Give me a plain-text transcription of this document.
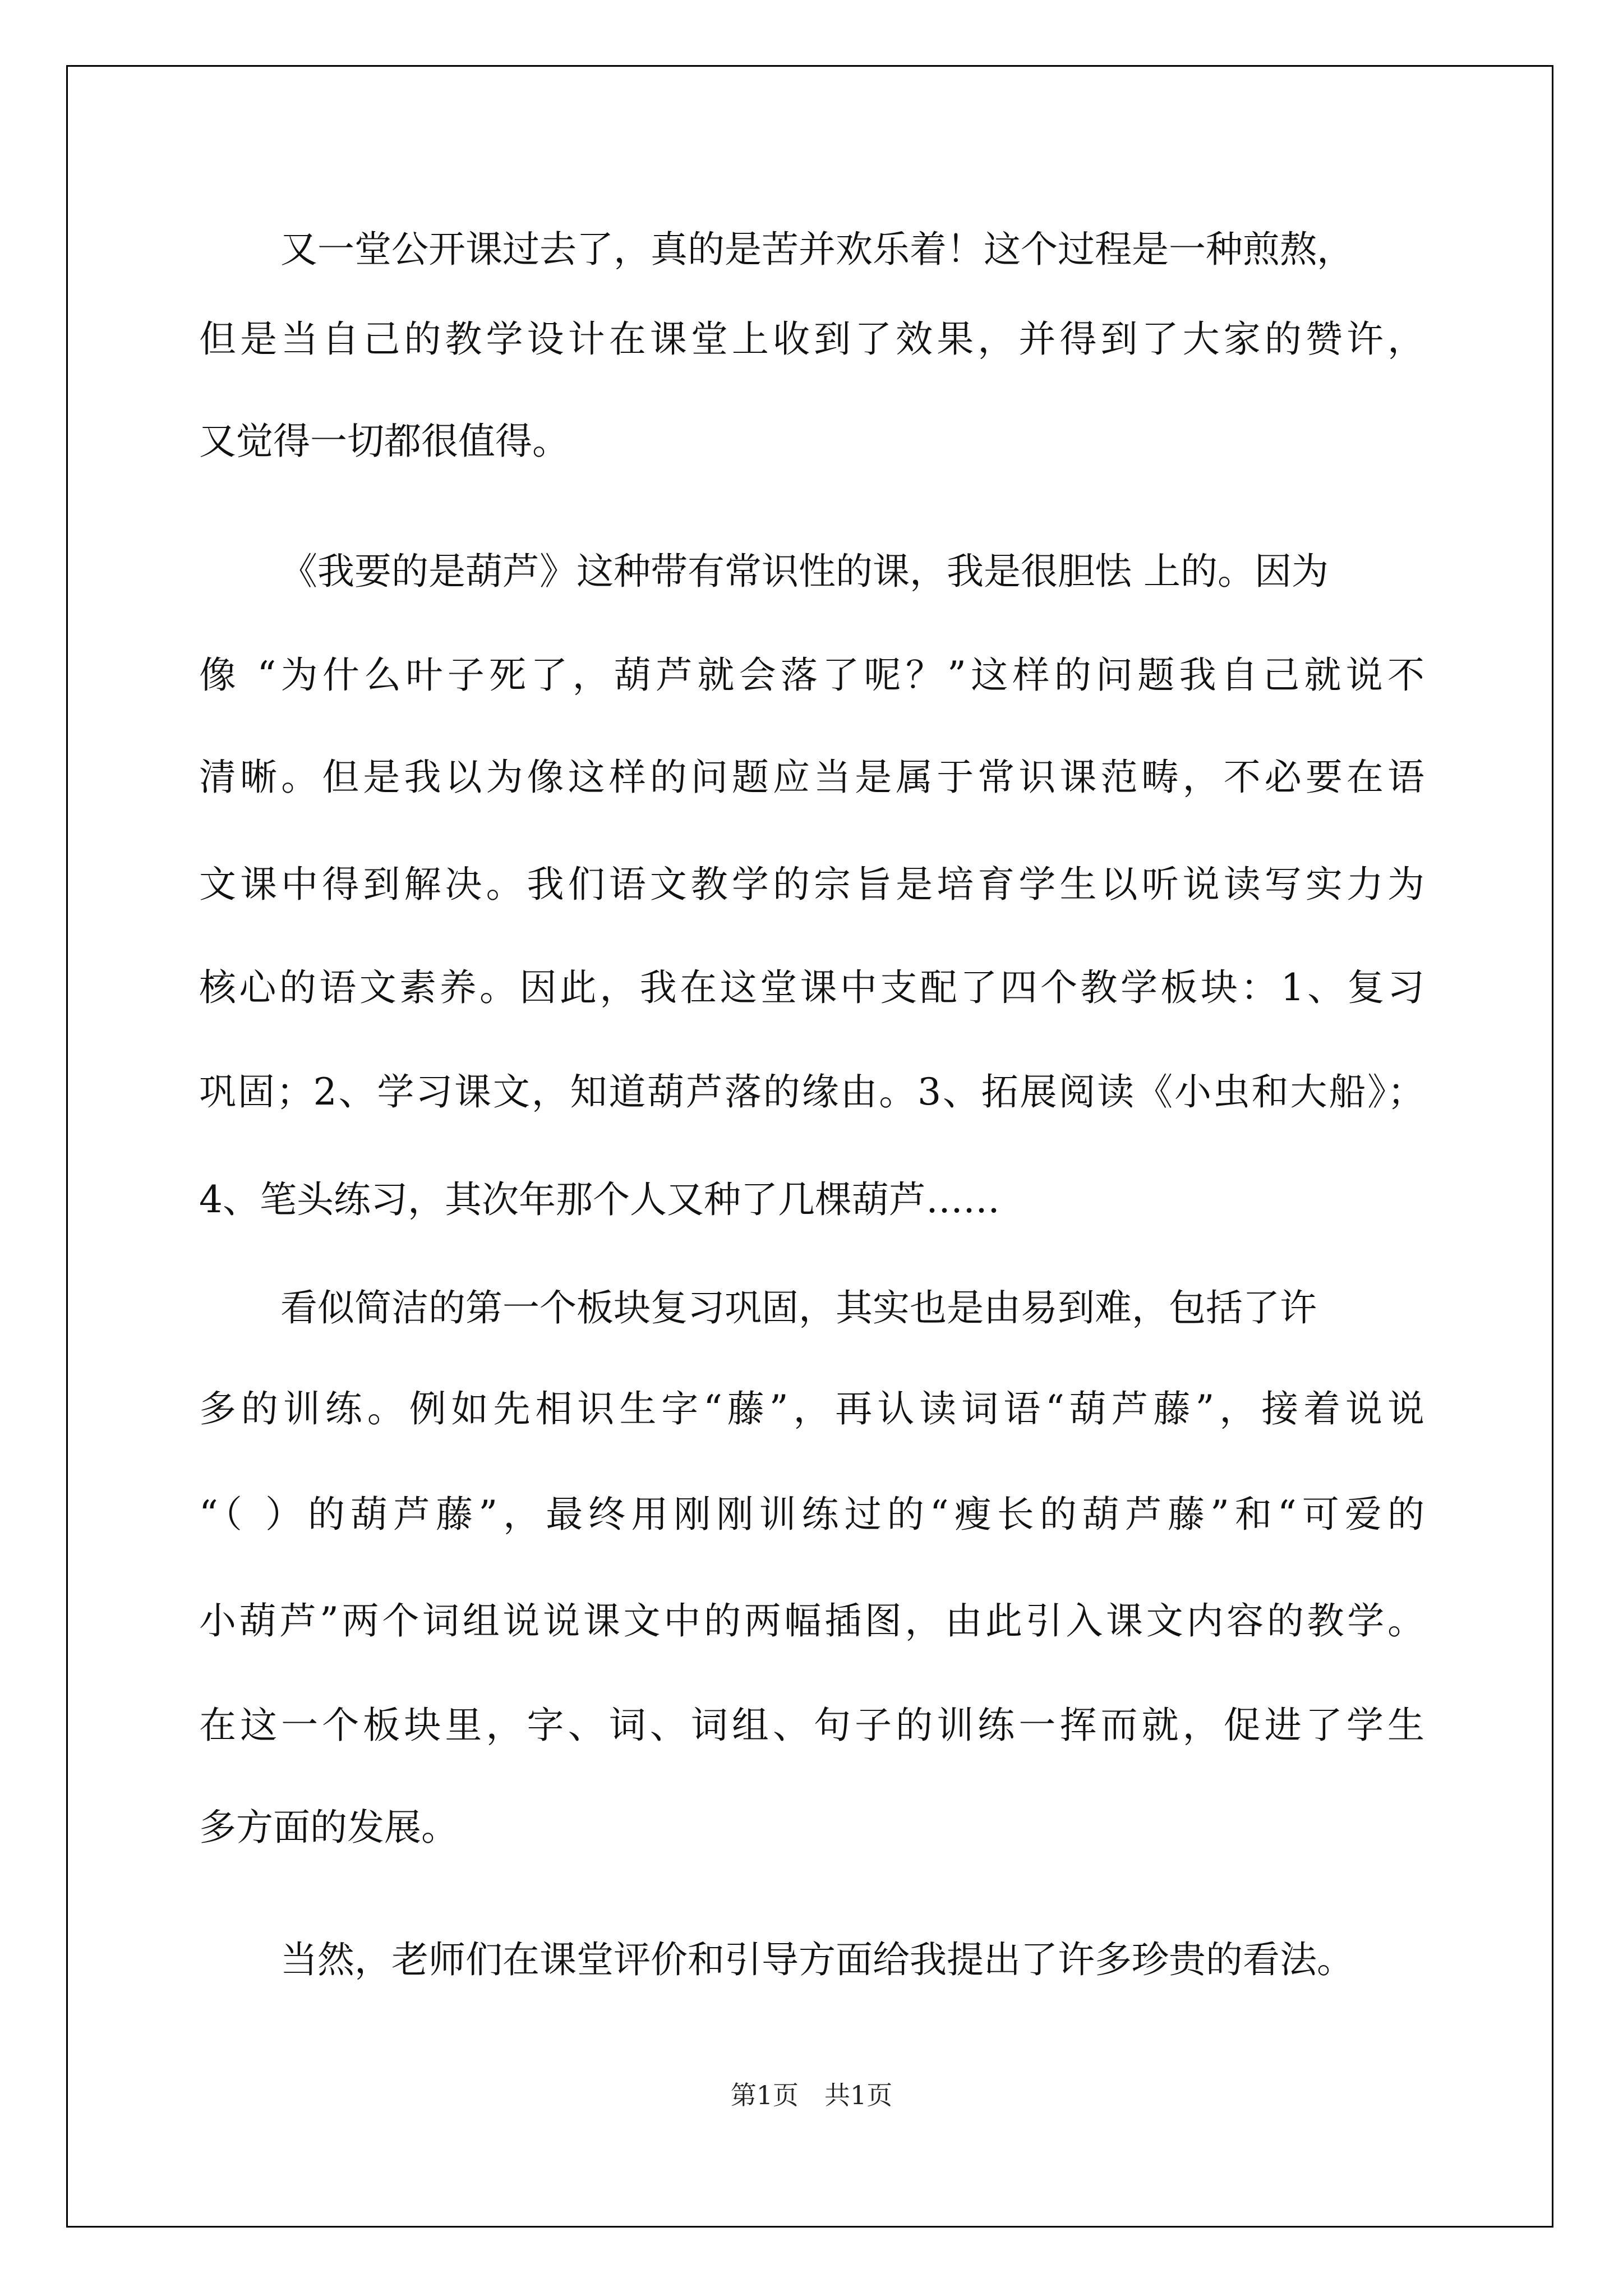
又一堂公开课过去了，真的是苦并欢乐着！这个过程是一种煎熬，

但是当自己的教学设计在课堂上收到了效果，并得到了大家的赞许，

又觉得一切都很值得。

《我要的是葫芦》这种带有常识性的课，我是很胆怯 上的。因为

像 “为什么叶子死了，葫芦就会落了呢？”这样的问题我自己就说不

清晰。但是我以为像这样的问题应当是属于常识课范畴，不必要在语

文课中得到解决。我们语文教学的宗旨是培育学生以听说读写实力为

核心的语文素养。因此，我在这堂课中支配了四个教学板块：1、复习

巩固；2、学习课文，知道葫芦落的缘由。3、拓展阅读《小虫和大船》；

4、笔头练习，其次年那个人又种了几棵葫芦……

看似简洁的第一个板块复习巩固，其实也是由易到难，包括了许

多的训练。例如先相识生字“藤”，再认读词语“葫芦藤”，接着说说

“（ ）的葫芦藤”，最终用刚刚训练过的“瘦长的葫芦藤”和“可爱的

小葫芦”两个词组说说课文中的两幅插图，由此引入课文内容的教学。

在这一个板块里，字、词、词组、句子的训练一挥而就，促进了学生

多方面的发展。

当然，老师们在课堂评价和引导方面给我提出了许多珍贵的看法。

第1页　共1页
